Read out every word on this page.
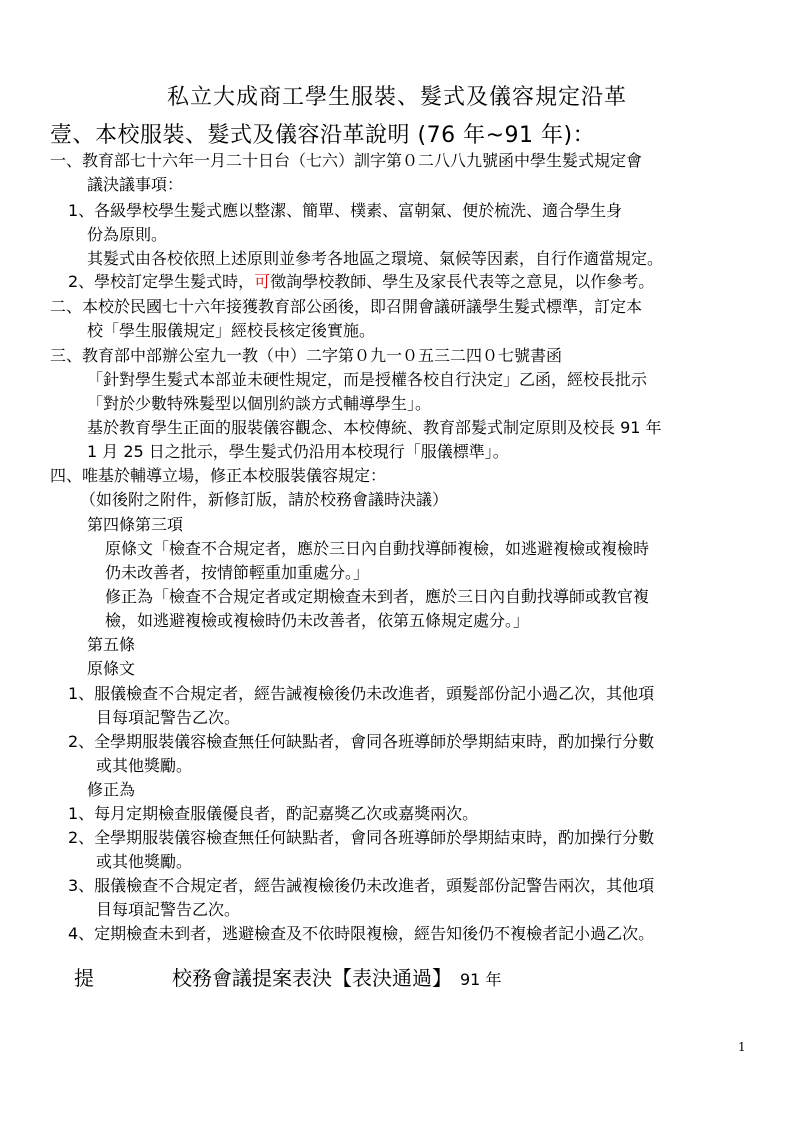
私立大成商工學生服裝、髮式及儀容規定沿革
壹、本校服裝、髮式及儀容沿革說明 (76 年~91 年)：
一、教育部七十六年一月二十日台（七六）訓字第０二八八九號函中學生髮式規定會
議決議事項：
1、各級學校學生髮式應以整潔、簡單、樸素、富朝氣、便於梳洗、適合學生身
份為原則。
其髮式由各校依照上述原則並參考各地區之環境、氣候等因素，自行作適當規定。
2、學校訂定學生髮式時，可徵詢學校教師、學生及家長代表等之意見，以作參考。
二、本校於民國七十六年接獲教育部公函後，即召開會議研議學生髮式標準，訂定本
校「學生服儀規定」經校長核定後實施。
三、教育部中部辦公室九一教（中）二字第０九一０五三二四０七號書函
「針對學生髮式本部並未硬性規定，而是授權各校自行決定」乙函，經校長批示
「對於少數特殊髮型以個別約談方式輔導學生」。
基於教育學生正面的服裝儀容觀念、本校傳統、教育部髮式制定原則及校長 91 年
1 月 25 日之批示，學生髮式仍沿用本校現行「服儀標準」。
四、唯基於輔導立場，修正本校服裝儀容規定：
（如後附之附件，新修訂版，請於校務會議時決議）
第四條第三項
原條文「檢查不合規定者，應於三日內自動找導師複檢，如逃避複檢或複檢時
仍未改善者，按情節輕重加重處分。」
修正為「檢查不合規定者或定期檢查未到者，應於三日內自動找導師或教官複
檢，如逃避複檢或複檢時仍未改善者，依第五條規定處分。」
第五條
原條文
1、服儀檢查不合規定者，經告誡複檢後仍未改進者，頭髮部份記小過乙次，其他項
目每項記警告乙次。
2、全學期服裝儀容檢查無任何缺點者，會同各班導師於學期結束時，酌加操行分數
或其他獎勵。
修正為
1、每月定期檢查服儀優良者，酌記嘉獎乙次或嘉獎兩次。
2、全學期服裝儀容檢查無任何缺點者，會同各班導師於學期結束時，酌加操行分數
或其他獎勵。
3、服儀檢查不合規定者，經告誡複檢後仍未改進者，頭髮部份記警告兩次，其他項
目每項記警告乙次。
4、定期檢查未到者，逃避檢查及不依時限複檢，經告知後仍不複檢者記小過乙次。
提	校務會議提案表決【表決通過】 91 年
1
